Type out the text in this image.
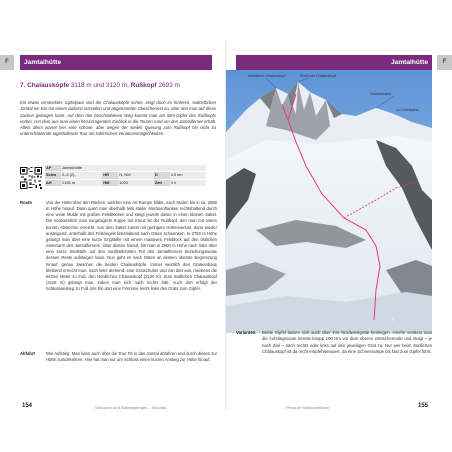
F	Jamtalhütte
7. Chalauskōpfe 3118 m und 3120 m, Rußkopf 2693 m

Ein etwas versteckteѕ Gipfelpaar sind die Chalauskōpfe schon, zeigt doch im hinteren, südöstlichen Jamtal ein Kar mit einem äußerst reizvollen und abgetrennten Gletscherrest zu, über den man auf diese Zacken gelangen kann. Auf dem hier beschriebenen Weg kommt man am Mini-Gipfel des Rußkopfs vorbei, von dem aus man einen hervorragenden Einblick in die Touren rund um den Jamtalferner erhält. Allein allem wartet hier eine schöne, aber wegen der steilen Querung zum Rußkopf hin nicht zu unterschätzende tagesfüllende Tour mit zahlreichen Variationsmöglichkeiten.

AP	Jamtalhütte				
Schw	2–3 (2)-	HR	N, NW	D	4,5 km
AH	2165 m	HM	1000	Zeit	3 h
Route	Von der Hütte über den Rücken, welcher eine Art Rampe bildet, nach Süden bis in ca. 2550 m Höhe hinauf. Dann quert man oberhalb teils steiler Moränenflanken rechtshaltend durch eine weite Mulde mit großen Felsblöcken und steigt jeweils dieser in einen kleinen Sattel. Die nordwestlich man vorgelagerte Kuppe mit Kreuz ist der Rußkopf, den man mit einem kurzen Abstecher erreicht. Aus dem Sattel zuerst mit geringem Höhenverlust, dann wieder ansteigend, unterhalb des Felsriegels linkshaltend nach Osten schwenken. In 2750 m Höhe gelangt man über eine kurze Engstelle mit einem massiven Felsblock auf den östlichen Seitenarm des Jamtalferners. Über diesen hinauf, bis man in 2900 m Höhe nach links über eine kurze Steilstufe auf den nordöstlichsten Teil des Jamtalferners beziehungsweise dessen Reste aufsteigen kann. Nun geht es nach Osten an dessen oberste Begrenzung hinauf, genau zwischen die beiden Chalauskōpfe. Immer westlich des Grateanbaus bleibend erreicht man, nach links drehend, eine Gratschulter und von dort aus, meistens die letzten Meter zu Fuß, den Nördlichen Chalauskopf (3120 m). Zum Südlichen Chalauskopf (3118 m) gelangt man, indem man sich nach rechts hält. Auch dort erfolgt der Schlussanstieg zu Fuß (mit Ski dort eine Firnrinne leicht links des Grats zum Gipfel.

Abfahrt	Wie Aufstieg. Man kann auch über die Tour F6 in das Jamtal abfahren und durch dieses zur Hütte zurückkehren. Hier hat man nur am Schluss einen kurzen Anstieg zur Hütte hinauf.

154	Skitouren und Skibergsteigen – Silvretta
Jamtalhütte	F
Nördlicher Chalauskopf	Südlicher Chalauskopf
Gamsscharte
zur Gamspitze
F6
7
Varianten Beide Gipfel lassen sich auch über ihre Nordwestgrate besteigen. Hierfür verlässt man die Aufstiegsroute bereits knapp 100 Hm vor dem oberen Gletscherende und steigt – je nach Ziel – nach rechts oder links auf den jeweiligen Grat zu. Nur wer beim Südlichen Chalauskopf ist da recht empfehlenswert, da eine Schneerampe bis fast zum Gipfel führt.

Pierauer Skitourenführer	155
